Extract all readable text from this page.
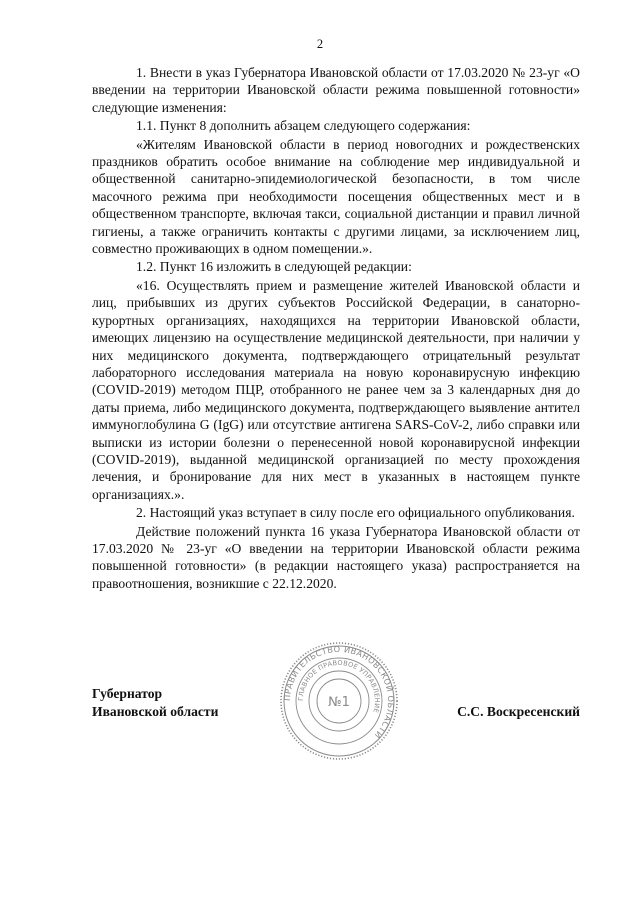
2

1. Внести в указ Губернатора Ивановской области от 17.03.2020 № 23-уг «О введении на территории Ивановской области режима повышенной готовности» следующие изменения:

1.1. Пункт 8 дополнить абзацем следующего содержания:

«Жителям Ивановской области в период новогодних и рождественских праздников обратить особое внимание на соблюдение мер индивидуальной и общественной санитарно-эпидемиологической безопасности, в том числе масочного режима при необходимости посещения общественных мест и в общественном транспорте, включая такси, социальной дистанции и правил личной гигиены, а также ограничить контакты с другими лицами, за исключением лиц, совместно проживающих в одном помещении.».

1.2. Пункт 16 изложить в следующей редакции:

«16. Осуществлять прием и размещение жителей Ивановской области и лиц, прибывших из других субъектов Российской Федерации, в санаторно-курортных организациях, находящихся на территории Ивановской области, имеющих лицензию на осуществление медицинской деятельности, при наличии у них медицинского документа, подтверждающего отрицательный результат лабораторного исследования материала на новую коронавирусную инфекцию (COVID-2019) методом ПЦР, отобранного не ранее чем за 3 календарных дня до даты приема, либо медицинского документа, подтверждающего выявление антител иммуноглобулина G (IgG) или отсутствие антигена SARS-CoV-2, либо справки или выписки из истории болезни о перенесенной новой коронавирусной инфекции (COVID-2019), выданной медицинской организацией по месту прохождения лечения, и бронирование для них мест в указанных в настоящем пункте организациях.».

2. Настоящий указ вступает в силу после его официального опубликования.

Действие положений пункта 16 указа Губернатора Ивановской области от 17.03.2020 № 23-уг «О введении на территории Ивановской области режима повышенной готовности» (в редакции настоящего указа) распространяется на правоотношения, возникшие с 22.12.2020.

ПРАВИТЕЛЬСТВО ИВАНОВСКОЙ ОБЛАСТИ
ГЛАВНОЕ ПРАВОВОЕ УПРАВЛЕНИЕ
№1
Губернатор
Ивановской области	С.С. Воскресенский
